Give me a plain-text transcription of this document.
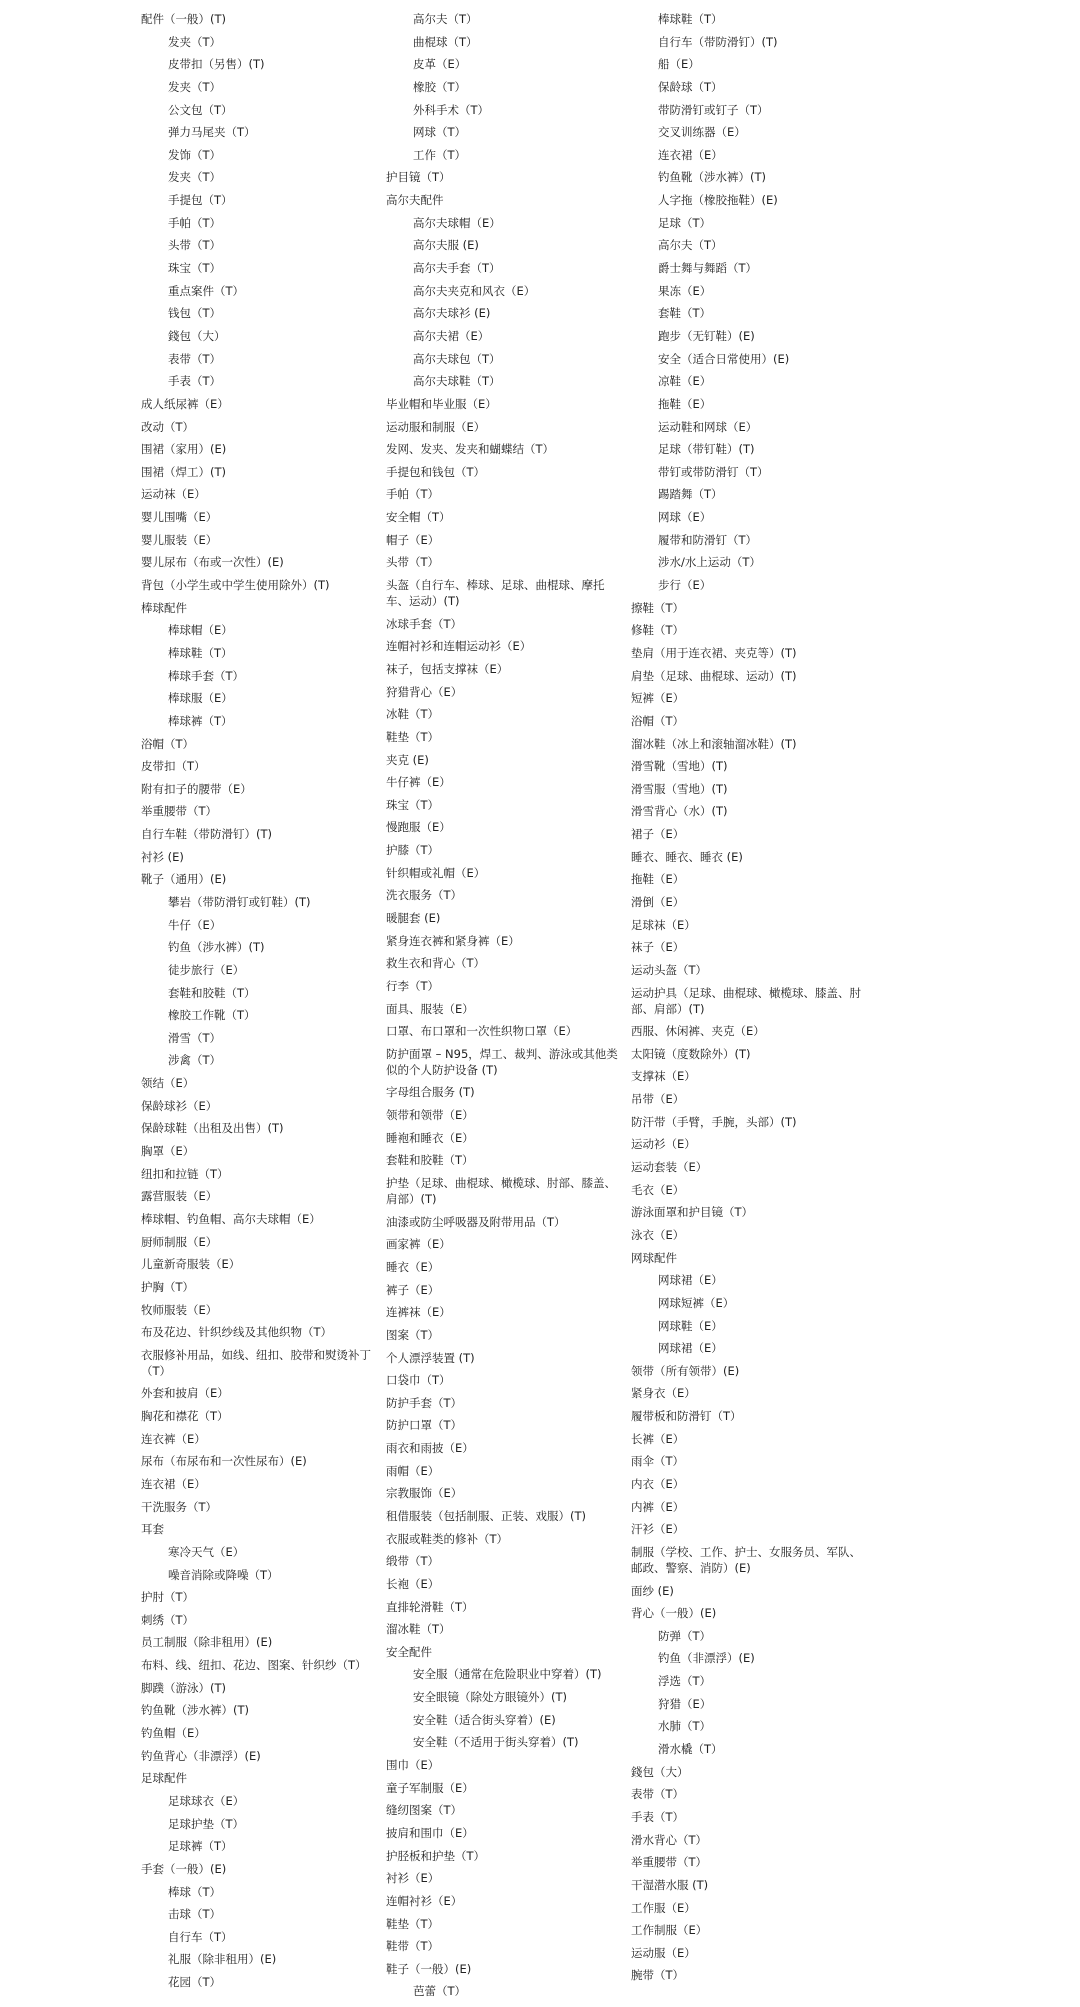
配件（一般）(T)
发夹（T）
皮带扣（另售）(T)
发夹（T）
公文包（T）
弹力马尾夹（T）
发饰（T）
发夹（T）
手提包（T）
手帕（T）
头带（T）
珠宝（T）
重点案件（T）
钱包（T）
錢包（大）
表带（T）
手表（T）
成人纸尿裤（E）
改动（T）
围裙（家用）(E)
围裙（焊工）(T)
运动袜（E）
婴儿围嘴（E）
婴儿服装（E）
婴儿尿布（布或一次性）(E)
背包（小学生或中学生使用除外）(T)
棒球配件
棒球帽（E）
棒球鞋（T）
棒球手套（T）
棒球服（E）
棒球裤（T）
浴帽（T）
皮带扣（T）
附有扣子的腰带（E）
举重腰带（T）
自行车鞋（带防滑钉）(T)
衬衫 (E)
靴子（通用）(E)
攀岩（带防滑钉或钉鞋）(T)
牛仔（E）
钓鱼（涉水裤）(T)
徒步旅行（E）
套鞋和胶鞋（T）
橡胶工作靴（T）
滑雪（T）
涉禽（T）
领结（E）
保龄球衫（E）
保龄球鞋（出租及出售）(T)
胸罩（E）
纽扣和拉链（T）
露营服装（E）
棒球帽、钓鱼帽、高尔夫球帽（E）
厨师制服（E）
儿童新奇服装（E）
护胸（T）
牧师服装（E）
布及花边、针织纱线及其他织物（T）
衣服修补用品，如线、纽扣、胶带和熨烫补丁（T）
外套和披肩（E）
胸花和襟花（T）
连衣裤（E）
尿布（布尿布和一次性尿布）(E)
连衣裙（E）
干洗服务（T）
耳套
寒冷天气（E）
噪音消除或降噪（T）
护肘（T）
刺绣（T）
员工制服（除非租用）(E)
布料、线、纽扣、花边、图案、针织纱（T）
脚蹼（游泳）(T)
钓鱼靴（涉水裤）(T)
钓鱼帽（E）
钓鱼背心（非漂浮）(E)
足球配件
足球球衣（E）
足球护垫（T）
足球裤（T）
手套（一般）(E)
棒球（T）
击球（T）
自行车（T）
礼服（除非租用）(E)
花园（T）
高尔夫（T）
曲棍球（T）
皮革（E）
橡胶（T）
外科手术（T）
网球（T）
工作（T）
护目镜（T）
高尔夫配件
高尔夫球帽（E）
高尔夫服 (E)
高尔夫手套（T）
高尔夫夹克和风衣（E）
高尔夫球衫 (E)
高尔夫裙（E）
高尔夫球包（T）
高尔夫球鞋（T）
毕业帽和毕业服（E）
运动服和制服（E）
发网、发夹、发夹和蝴蝶结（T）
手提包和钱包（T）
手帕（T）
安全帽（T）
帽子（E）
头带（T）
头盔（自行车、棒球、足球、曲棍球、摩托车、运动）(T)
冰球手套（T）
连帽衬衫和连帽运动衫（E）
袜子，包括支撑袜（E）
狩猎背心（E）
冰鞋（T）
鞋垫（T）
夹克 (E)
牛仔裤（E）
珠宝（T）
慢跑服（E）
护膝（T）
针织帽或礼帽（E）
洗衣服务（T）
暖腿套 (E)
紧身连衣裤和紧身裤（E）
救生衣和背心（T）
行李（T）
面具、服装（E）
口罩、布口罩和一次性织物口罩（E）
防护面罩 – N95，焊工、裁判、游泳或其他类似的个人防护设备 (T)
字母组合服务 (T)
领带和领带（E）
睡袍和睡衣（E）
套鞋和胶鞋（T）
护垫（足球、曲棍球、橄榄球、肘部、膝盖、肩部）(T)
油漆或防尘呼吸器及附带用品（T）
画家裤（E）
睡衣（E）
裤子（E）
连裤袜（E）
图案（T）
个人漂浮装置 (T)
口袋巾（T）
防护手套（T）
防护口罩（T）
雨衣和雨披（E）
雨帽（E）
宗教服饰（E）
租借服装（包括制服、正装、戏服）(T)
衣服或鞋类的修补（T）
缎带（T）
长袍（E）
直排轮滑鞋（T）
溜冰鞋（T）
安全配件
安全服（通常在危险职业中穿着）(T)
安全眼镜（除处方眼镜外）(T)
安全鞋（适合街头穿着）(E)
安全鞋（不适用于街头穿着）(T)
围巾（E）
童子军制服（E）
缝纫图案（T）
披肩和围巾（E）
护胫板和护垫（T）
衬衫（E）
连帽衬衫（E）
鞋垫（T）
鞋带（T）
鞋子（一般）(E)
芭蕾（T）
棒球鞋（T）
自行车（带防滑钉）(T)
船（E）
保龄球（T）
带防滑钉或钉子（T）
交叉训练器（E）
连衣裙（E）
钓鱼靴（涉水裤）(T)
人字拖（橡胶拖鞋）(E)
足球（T）
高尔夫（T）
爵士舞与舞蹈（T）
果冻（E）
套鞋（T）
跑步（无钉鞋）(E)
安全（适合日常使用）(E)
凉鞋（E）
拖鞋（E）
运动鞋和网球（E）
足球（带钉鞋）(T)
带钉或带防滑钉（T）
踢踏舞（T）
网球（E）
履带和防滑钉（T）
涉水/水上运动（T）
步行（E）
擦鞋（T）
修鞋（T）
垫肩（用于连衣裙、夹克等）(T)
肩垫（足球、曲棍球、运动）(T)
短裤（E）
浴帽（T）
溜冰鞋（冰上和滚轴溜冰鞋）(T)
滑雪靴（雪地）(T)
滑雪服（雪地）(T)
滑雪背心（水）(T)
裙子（E）
睡衣、睡衣、睡衣 (E)
拖鞋（E）
滑倒（E）
足球袜（E）
袜子（E）
运动头盔（T）
运动护具（足球、曲棍球、橄榄球、膝盖、肘部、肩部）(T)
西服、休闲裤、夹克（E）
太阳镜（度数除外）(T)
支撑袜（E）
吊带（E）
防汗带（手臂，手腕，头部）(T)
运动衫（E）
运动套装（E）
毛衣（E）
游泳面罩和护目镜（T）
泳衣（E）
网球配件
网球裙（E）
网球短裤（E）
网球鞋（E）
网球裙（E）
领带（所有领带）(E)
紧身衣（E）
履带板和防滑钉（T）
长裤（E）
雨伞（T）
内衣（E）
内裤（E）
汗衫（E）
制服（学校、工作、护士、女服务员、军队、邮政、警察、消防）(E)
面纱 (E)
背心（一般）(E)
防弹（T）
钓鱼（非漂浮）(E)
浮选（T）
狩猎（E）
水肺（T）
滑水橇（T）
錢包（大）
表带（T）
手表（T）
滑水背心（T）
举重腰带（T）
干湿潜水服 (T)
工作服（E）
工作制服（E）
运动服（E）
腕带（T）
